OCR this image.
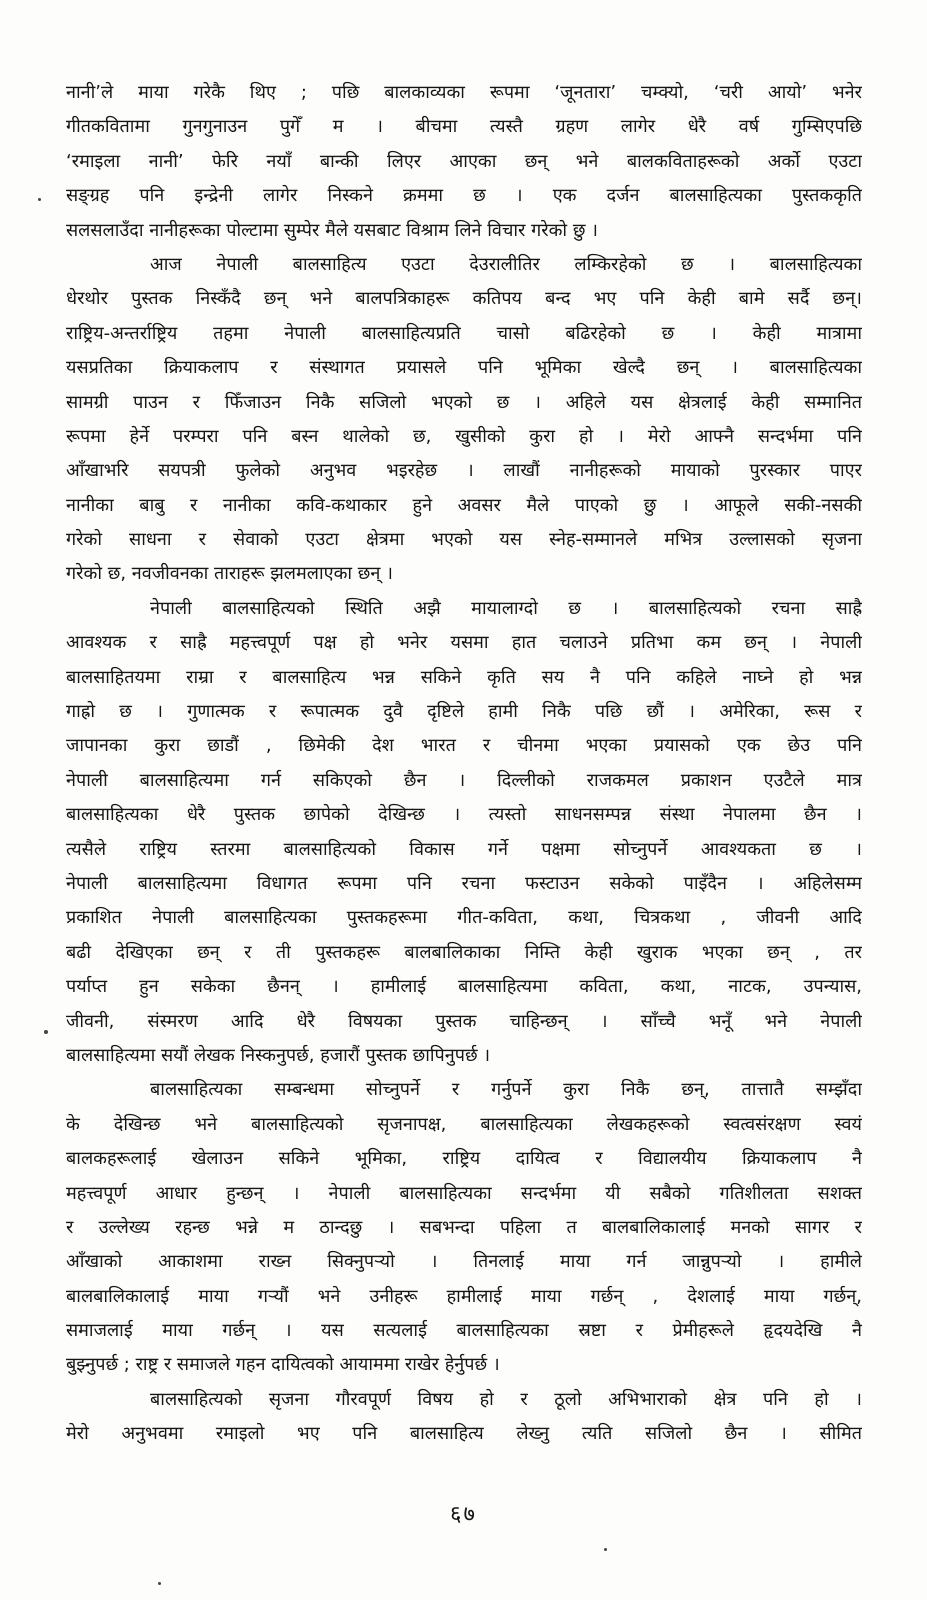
नानी’ले माया गरेकै थिए ; पछि बालकाव्यका रूपमा ‘जूनतारा’ चम्क्यो, ‘चरी आयो’ भनेर
गीतकवितामा गुनगुनाउन पुगेँ म । बीचमा त्यस्तै ग्रहण लागेर धेरै वर्ष गुम्सिएपछि
‘रमाइला नानी’ फेरि नयाँ बान्की लिएर आएका छन् भने बालकविताहरूको अर्को एउटा
सङ्ग्रह पनि इन्द्रेनी लागेर निस्कने क्रममा छ । एक दर्जन बालसाहित्यका पुस्तककृति
सलसलाउँदा नानीहरूका पोल्टामा सुम्पेर मैले यसबाट विश्राम लिने विचार गरेको छु ।
आज नेपाली बालसाहित्य एउटा देउरालीतिर लम्किरहेको छ । बालसाहित्यका
धेरथोर पुस्तक निस्कँदै छन् भने बालपत्रिकाहरू कतिपय बन्द भए पनि केही बामे सर्दै छन्।
राष्ट्रिय-अन्तर्राष्ट्रिय तहमा नेपाली बालसाहित्यप्रति चासो बढिरहेको छ । केही मात्रामा
यसप्रतिका क्रियाकलाप र संस्थागत प्रयासले पनि भूमिका खेल्दै छन् । बालसाहित्यका
सामग्री पाउन र फिँजाउन निकै सजिलो भएको छ । अहिले यस क्षेत्रलाई केही सम्मानित
रूपमा हेर्ने परम्परा पनि बस्न थालेको छ, खुसीको कुरा हो । मेरो आफ्नै सन्दर्भमा पनि
आँखाभरि सयपत्री फुलेको अनुभव भइरहेछ । लाखौं नानीहरूको मायाको पुरस्कार पाएर
नानीका बाबु र नानीका कवि-कथाकार हुने अवसर मैले पाएको छु । आफूले सकी-नसकी
गरेको साधना र सेवाको एउटा क्षेत्रमा भएको यस स्नेह-सम्मानले मभित्र उल्लासको सृजना
गरेको छ, नवजीवनका ताराहरू झलमलाएका छन् ।
नेपाली बालसाहित्यको स्थिति अझै मायालाग्दो छ । बालसाहित्यको रचना साह्रै
आवश्यक र साह्रै महत्त्वपूर्ण पक्ष हो भनेर यसमा हात चलाउने प्रतिभा कम छन् । नेपाली
बालसाहितयमा राम्रा र बालसाहित्य भन्न सकिने कृति सय नै पनि कहिले नाघ्ने हो भन्न
गाह्रो छ । गुणात्मक र रूपात्मक दुवै दृष्टिले हामी निकै पछि छौं । अमेरिका, रूस र
जापानका कुरा छाडौं , छिमेकी देश भारत र चीनमा भएका प्रयासको एक छेउ पनि
नेपाली बालसाहित्यमा गर्न सकिएको छैन । दिल्लीको राजकमल प्रकाशन एउटैले मात्र
बालसाहित्यका धेरै पुस्तक छापेको देखिन्छ । त्यस्तो साधनसम्पन्न संस्था नेपालमा छैन ।
त्यसैले राष्ट्रिय स्तरमा बालसाहित्यको विकास गर्ने पक्षमा सोच्नुपर्ने आवश्यकता छ ।
नेपाली बालसाहित्यमा विधागत रूपमा पनि रचना फस्टाउन सकेको पाइँदैन । अहिलेसम्म
प्रकाशित नेपाली बालसाहित्यका पुस्तकहरूमा गीत-कविता, कथा, चित्रकथा , जीवनी आदि
बढी देखिएका छन् र ती पुस्तकहरू बालबालिकाका निम्ति केही खुराक भएका छन् , तर
पर्याप्त हुन सकेका छैनन् । हामीलाई बालसाहित्यमा कविता, कथा, नाटक, उपन्यास,
जीवनी, संस्मरण आदि धेरै विषयका पुस्तक चाहिन्छन् । साँच्चै भनूँ भने नेपाली
बालसाहित्यमा सयौं लेखक निस्कनुपर्छ, हजारौं पुस्तक छापिनुपर्छ ।
बालसाहित्यका सम्बन्धमा सोच्नुपर्ने र गर्नुपर्ने कुरा निकै छन्, तात्तातै सम्झँदा
के देखिन्छ भने बालसाहित्यको सृजनापक्ष, बालसाहित्यका लेखकहरूको स्वत्वसंरक्षण स्वयं
बालकहरूलाई खेलाउन सकिने भूमिका, राष्ट्रिय दायित्व र विद्यालयीय क्रियाकलाप नै
महत्त्वपूर्ण आधार हुन्छन् । नेपाली बालसाहित्यका सन्दर्भमा यी सबैको गतिशीलता सशक्त
र उल्लेख्य रहन्छ भन्ने म ठान्दछु । सबभन्दा पहिला त बालबालिकालाई मनको सागर र
आँखाको आकाशमा राख्न सिक्नुपर्‍यो । तिनलाई माया गर्न जान्नुपर्‍यो । हामीले
बालबालिकालाई माया गर्‍यौं भने उनीहरू हामीलाई माया गर्छन् , देशलाई माया गर्छन्,
समाजलाई माया गर्छन् । यस सत्यलाई बालसाहित्यका स्रष्टा र प्रेमीहरूले हृदयदेखि नै
बुझ्नुपर्छ ; राष्ट्र र समाजले गहन दायित्वको आयाममा राखेर हेर्नुपर्छ ।
बालसाहित्यको सृजना गौरवपूर्ण विषय हो र ठूलो अभिभाराको क्षेत्र पनि हो ।
मेरो अनुभवमा रमाइलो भए पनि बालसाहित्य लेख्नु त्यति सजिलो छैन । सीमित
६७
